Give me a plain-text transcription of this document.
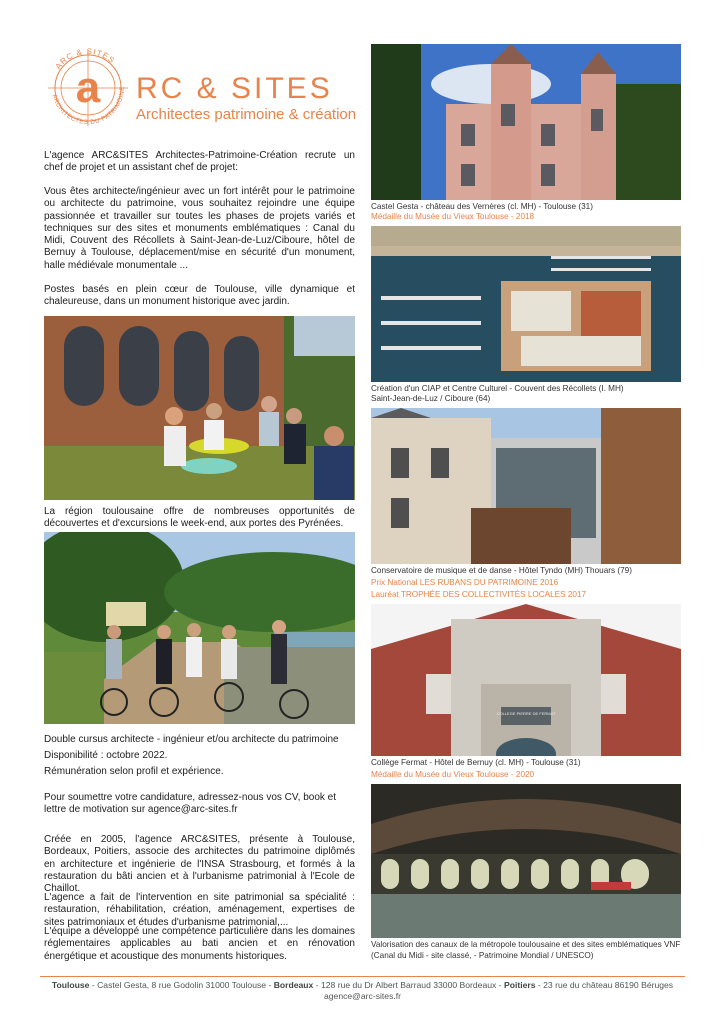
ARC & SITES
ARCHITECTES DU PATRIMOINE
a RC & SITES
Architectes patrimoine & création

L'agence ARC&SITES Architectes-Patrimoine-Création recrute un chef de projet et un assistant chef de projet:

Vous êtes architecte/ingénieur avec un fort intérêt pour le patrimoine ou architecte du patrimoine, vous souhaitez rejoindre une équipe passionnée et travailler sur toutes les phases de projets variés et techniques sur des sites et monuments emblématiques : Canal du Midi, Couvent des Récollets à Saint-Jean-de-Luz/Ciboure, hôtel de Bernuy à Toulouse, déplacement/mise en sécurité d'un monument, halle médiévale monumentale ...

Postes basés en plein cœur de Toulouse, ville dynamique et chaleureuse, dans un monument historique avec jardin.

La région toulousaine offre de nombreuses opportunités de découvertes et d'excursions le week-end, aux portes des Pyrénées.

Double cursus architecte - ingénieur et/ou architecte du patrimoine

Disponibilité : octobre 2022.

Rémunération selon profil et expérience.

Pour soumettre votre candidature, adressez-nous vos CV, book et lettre de motivation sur agence@arc-sites.fr

Créée en 2005, l'agence ARC&SITES, présente à Toulouse, Bordeaux, Poitiers, associe des architectes du patrimoine diplômés en architecture et ingénierie de l'INSA Strasbourg, et formés à la restauration du bâti ancien et à l'urbanisme patrimonial à l'Ecole de Chaillot.

L'agence a fait de l'intervention en site patrimonial sa spécialité : restauration, réhabilitation, création, aménagement, expertises de sites patrimoniaux et études d'urbanisme patrimonial,...

L'équipe a développé une compétence particulière dans les domaines réglementaires applicables au bati ancien et en rénovation énergétique et acoustique des monuments historiques.

Castel Gesta - château des Vernères (cl. MH) - Toulouse (31)
Médaille du Musée du Vieux Toulouse - 2018
Création d'un CIAP et Centre Culturel - Couvent des Récollets (I. MH)
Saint-Jean-de-Luz / Ciboure (64)
Conservatoire de musique et de danse - Hôtel Tyndo (MH) Thouars (79)
Prix National LES RUBANS DU PATRIMOINE 2016
Lauréat TROPHÉE DES COLLECTIVITÉS LOCALES 2017
COLLEGE PIERRE DE FERMAT
Collège Fermat - Hôtel de Bernuy (cl. MH) - Toulouse (31)
Médaille du Musée du Vieux Toulouse - 2020
Valorisation des canaux de la métropole toulousaine et des sites emblématiques VNF
(Canal du Midi - site classé, - Patrimoine Mondial / UNESCO)
Toulouse - Castel Gesta, 8 rue Godolin 31000 Toulouse - Bordeaux - 128 rue du Dr Albert Barraud 33000 Bordeaux - Poitiers - 23 rue du château 86190 Béruges
agence@arc-sites.fr
